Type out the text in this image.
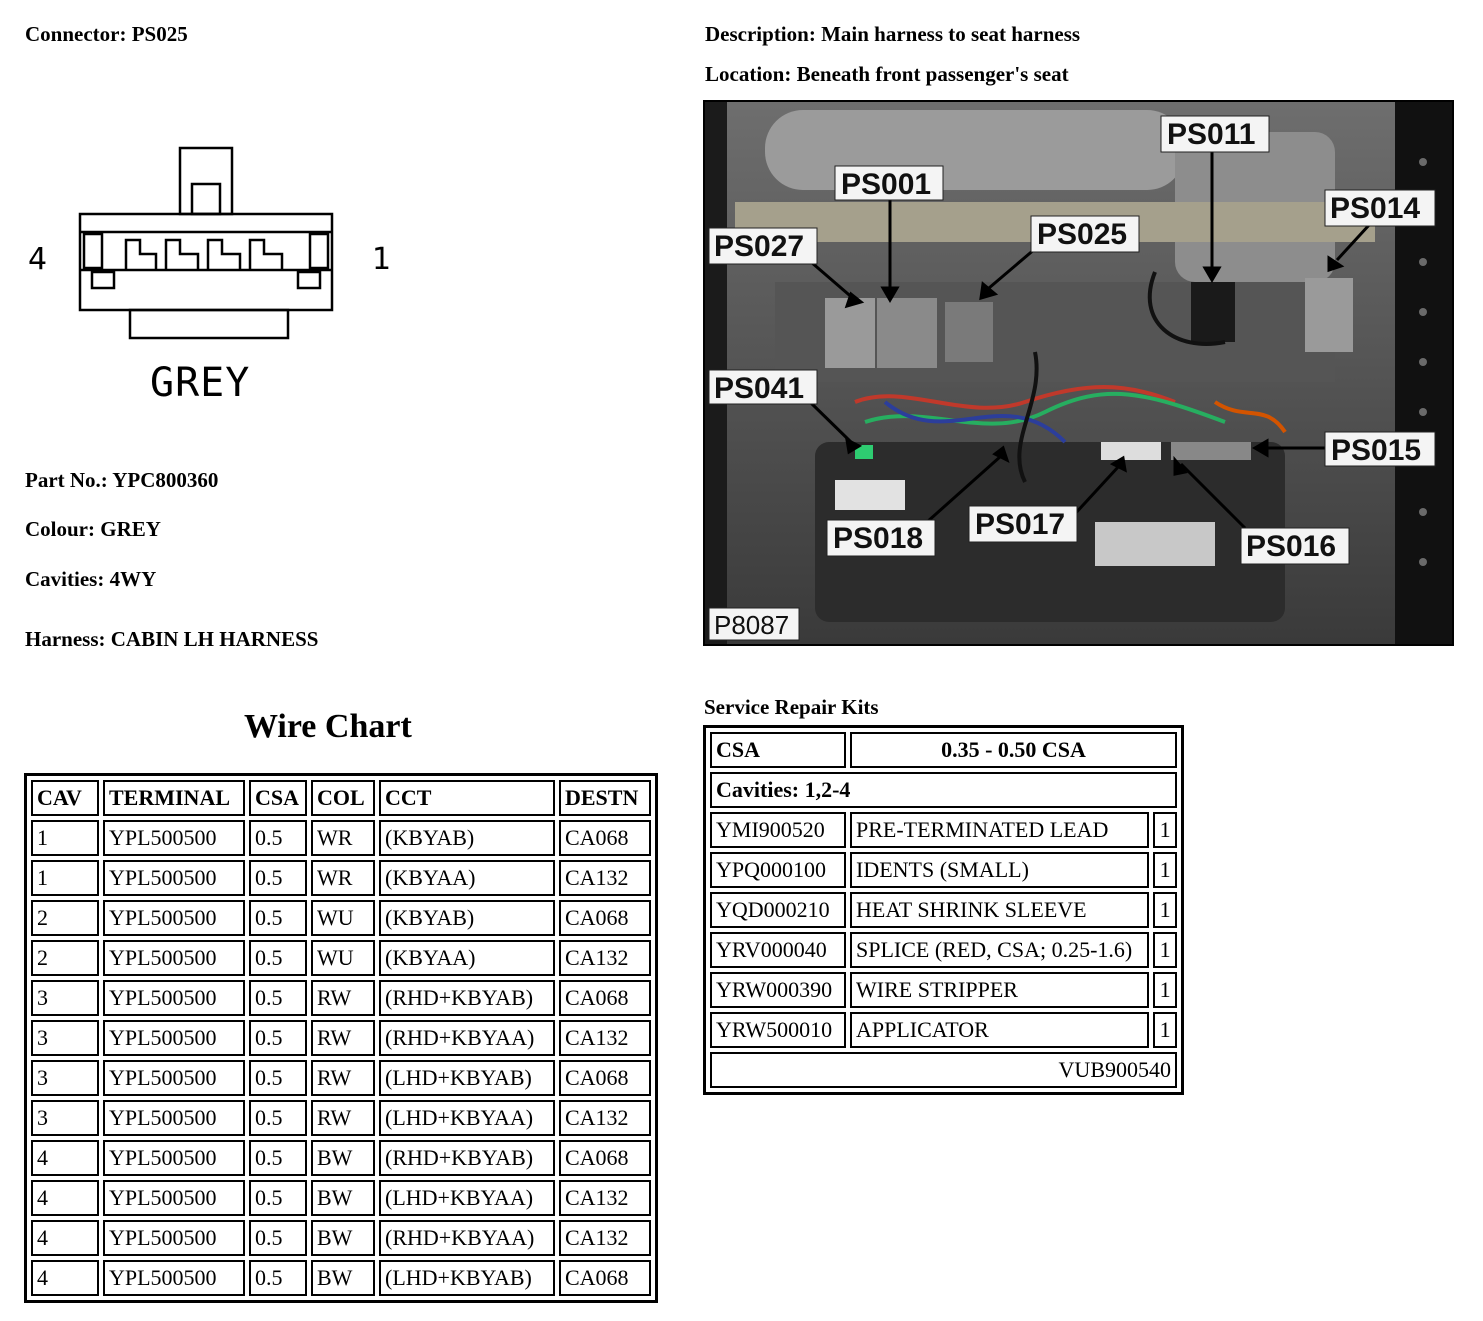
Connector: PS025	Description: Main harness to seat harness
Location: Beneath front passenger's seat
4	1
GREY
Part No.: YPC800360
Colour: GREY
Cavities: 4WY
Harness: CABIN LH HARNESS
PS001
PS011
PS014
PS027	PS025
PS041
PS015
PS018 PS017
PS016
P8087
Wire Chart
CAV	TERMINAL	CSA	COL	CCT	DESTN
1	YPL500500	0.5	WR	(KBYAB)	CA068
1	YPL500500	0.5	WR	(KBYAA)	CA132
2	YPL500500	0.5	WU	(KBYAB)	CA068
2	YPL500500	0.5	WU	(KBYAA)	CA132
3	YPL500500	0.5	RW	(RHD+KBYAB)	CA068
3	YPL500500	0.5	RW	(RHD+KBYAA)	CA132
3	YPL500500	0.5	RW	(LHD+KBYAB)	CA068
3	YPL500500	0.5	RW	(LHD+KBYAA)	CA132
4	YPL500500	0.5	BW	(RHD+KBYAB)	CA068
4	YPL500500	0.5	BW	(LHD+KBYAA)	CA132
4	YPL500500	0.5	BW	(RHD+KBYAA)	CA132
4	YPL500500	0.5	BW	(LHD+KBYAB)	CA068
Service Repair Kits
CSA	0.35 - 0.50 CSA	
Cavities: 1,2-4		
YMI900520	PRE-TERMINATED LEAD	1
YPQ000100	IDENTS (SMALL)	1
YQD000210	HEAT SHRINK SLEEVE	1
YRV000040	SPLICE (RED, CSA; 0.25-1.6)	1
YRW000390	WIRE STRIPPER	1
YRW500010	APPLICATOR	1
VUB900540		
